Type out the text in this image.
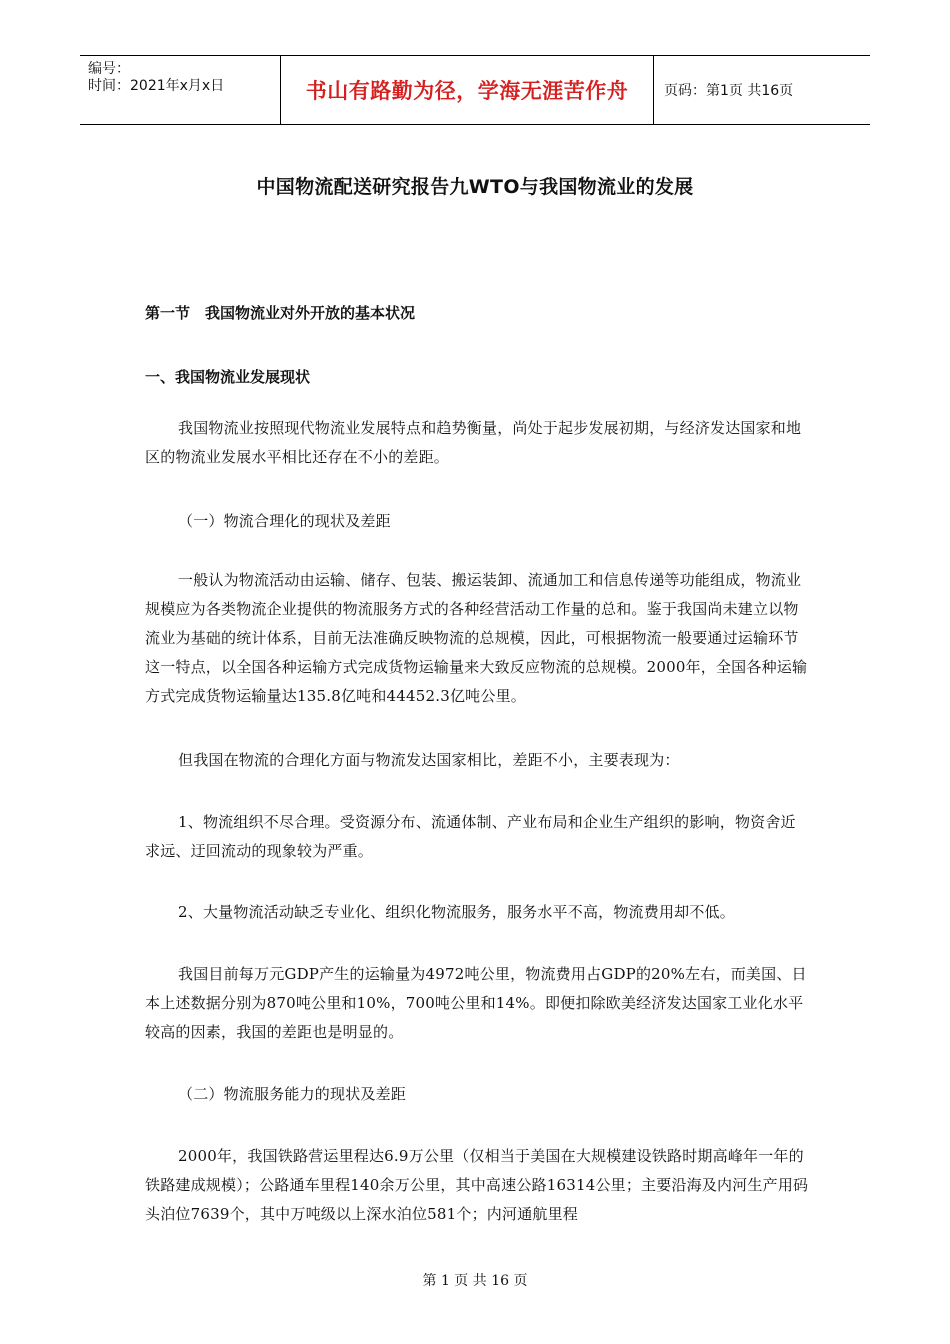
编号：
时间：2021年x月x日	书山有路勤为径，学海无涯苦作舟	页码：第1页 共16页
中国物流配送研究报告九WTO与我国物流业的发展
第一节　我国物流业对外开放的基本状况
一、我国物流业发展现状
我国物流业按照现代物流业发展特点和趋势衡量，尚处于起步发展初期，与经济发达国家和地区的物流业发展水平相比还存在不小的差距。
（一）物流合理化的现状及差距
一般认为物流活动由运输、储存、包装、搬运装卸、流通加工和信息传递等功能组成，物流业规模应为各类物流企业提供的物流服务方式的各种经营活动工作量的总和。鉴于我国尚未建立以物流业为基础的统计体系，目前无法准确反映物流的总规模，因此，可根据物流一般要通过运输环节这一特点，以全国各种运输方式完成货物运输量来大致反应物流的总规模。2000年，全国各种运输方式完成货物运输量达135.8亿吨和44452.3亿吨公里。
但我国在物流的合理化方面与物流发达国家相比，差距不小，主要表现为：
1、物流组织不尽合理。受资源分布、流通体制、产业布局和企业生产组织的影响，物资舍近求远、迂回流动的现象较为严重。
2、大量物流活动缺乏专业化、组织化物流服务，服务水平不高，物流费用却不低。
我国目前每万元GDP产生的运输量为4972吨公里，物流费用占GDP的20%左右，而美国、日本上述数据分别为870吨公里和10%，700吨公里和14%。即便扣除欧美经济发达国家工业化水平较高的因素，我国的差距也是明显的。
（二）物流服务能力的现状及差距
2000年，我国铁路营运里程达6.9万公里（仅相当于美国在大规模建设铁路时期高峰年一年的铁路建成规模）；公路通车里程140余万公里，其中高速公路16314公里；主要沿海及内河生产用码头泊位7639个，其中万吨级以上深水泊位581个；内河通航里程
第 1 页 共 16 页
